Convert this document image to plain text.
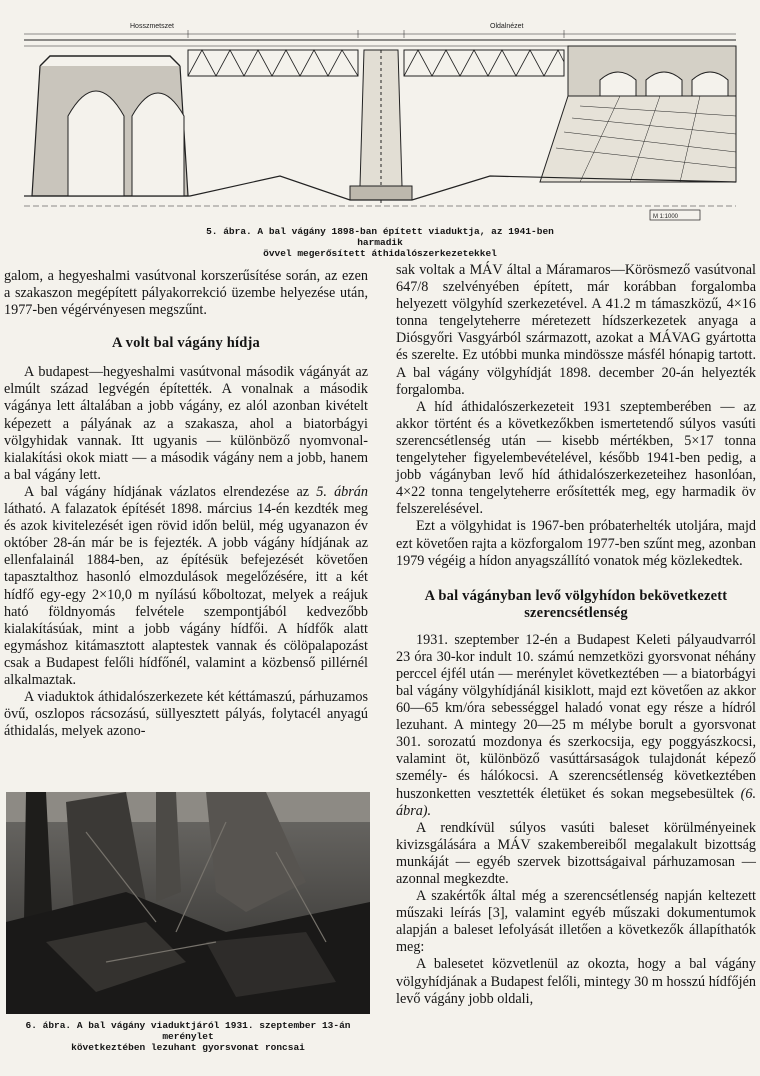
Hosszmetszet	Oldalnézet
M 1:1000
5. ábra. A bal vágány 1898-ban épített viaduktja, az 1941-ben harmadik
övvel megerősített áthidalószerkezetekkel

galom, a hegyeshalmi vasútvonal korszerűsítése során, az ezen a szakaszon megépített pályakorrekció üzembe helyezése után, 1977-ben végérvényesen megszűnt.

A volt bal vágány hídja

A budapest—hegyeshalmi vasútvonal második vágányát az elmúlt század legvégén építették. A vonalnak a második vágánya lett általában a jobb vágány, ez alól azonban kivételt képezett a pályának az a szakasza, ahol a biatorbágyi völgyhidak vannak. Itt ugyanis — különböző nyomvonal-kialakítási okok miatt — a második vágány nem a jobb, hanem a bal vágány lett.

A bal vágány hídjának vázlatos elrendezése az 5. ábrán látható. A falazatok építését 1898. március 14-én kezdték meg és azok kivitelezését igen rövid időn belül, még ugyanazon év október 28-án már be is fejezték. A jobb vágány hídjának az ellenfalainál 1884-ben, az építésük befejezését követően tapasztalthoz hasonló elmozdulások megelőzésére, itt a két hídfő egy-egy 2×10,0 m nyílású kőboltozat, melyek a reájuk ható földnyomás felvétele szempontjából kedvezőbb kialakításúak, mint a jobb vágány hídfői. A hídfők alatt egymáshoz kitámasztott alaptestek vannak és cölöpalapozást csak a Budapest felőli hídfőnél, valamint a közbenső pillérnél alkalmaztak.

A viaduktok áthidalószerkezete két kéttámaszú, párhuzamos övű, oszlopos rácsozású, süllyesztett pályás, folytacél anyagú áthidalás, melyek azono-

6. ábra. A bal vágány viaduktjáról 1931. szeptember 13-án merénylet
következtében lezuhant gyorsvonat roncsai

sak voltak a MÁV által a Máramaros—Körösmező vasútvonal 647/8 szelvényében épített, már korábban forgalomba helyezett völgyhíd szerkezetével. A 41.2 m támaszközű, 4×16 tonna tengelyteherre méretezett hídszerkezetek anyaga a Diósgyőri Vasgyárból származott, azokat a MÁVAG gyártotta és szerelte. Ez utóbbi munka mindössze másfél hónapig tartott. A bal vágány völgyhídját 1898. december 20-án helyezték forgalomba.

A híd áthidalószerkezeteit 1931 szeptemberében — az akkor történt és a következőkben ismertetendő súlyos vasúti szerencsétlenség után — kisebb mértékben, 5×17 tonna tengelyteher figyelembevételével, később 1941-ben pedig, a jobb vágányban levő híd áthidalószerkezeteihez hasonlóan, 4×22 tonna tengelyteherre erősítették meg, egy harmadik öv felszerelésével.

Ezt a völgyhidat is 1967-ben próbaterhelték utoljára, majd ezt követően rajta a közforgalom 1977-ben szűnt meg, azonban 1979 végéig a hídon anyagszállító vonatok még közlekedtek.

A bal vágányban levő völgyhídon bekövetkezett
szerencsétlenség

1931. szeptember 12-én a Budapest Keleti pályaudvarról 23 óra 30-kor indult 10. számú nemzetközi gyorsvonat néhány perccel éjfél után — merénylet következtében — a biatorbágyi bal vágány völgyhídjánál kisiklott, majd ezt követően az akkor 60—65 km/óra sebességgel haladó vonat egy része a hídról lezuhant. A mintegy 20—25 m mélybe borult a gyorsvonat 301. sorozatú mozdonya és szerkocsija, egy poggyászkocsi, valamint öt, különböző vasúttársaságok tulajdonát képező személy- és hálókocsi. A szerencsétlenség következtében huszonketten vesztették életüket és sokan megsebesültek (6. ábra).

A rendkívül súlyos vasúti baleset körülményeinek kivizsgálására a MÁV szakembereiből megalakult bizottság munkáját — egyéb szervek bizottságaival párhuzamosan — azonnal megkezdte.

A szakértők által még a szerencsétlenség napján keltezett műszaki leírás [3], valamint egyéb műszaki dokumentumok alapján a baleset lefolyását illetően a következők állapíthatók meg:

A balesetet közvetlenül az okozta, hogy a bal vágány völgyhídjának a Budapest felőli, mintegy 30 m hosszú hídfőjén levő vágány jobb oldali,
